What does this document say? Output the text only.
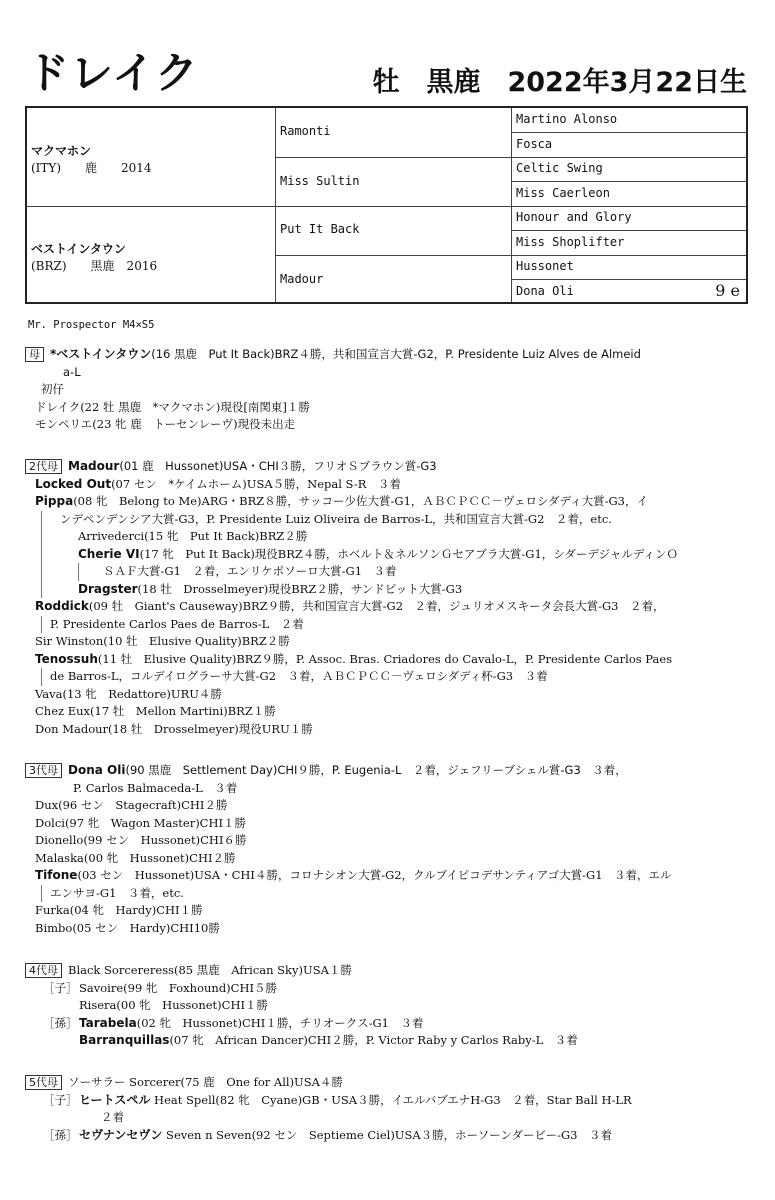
ドレイク	牡　黒鹿　2022年3月22日生
マクマホン
(ITY)　　鹿　　2014
ベストインタウン
(BRZ)　　黒鹿　2016
Ramonti
Miss Sultin
Put It Back
Madour
Martino Alonso
Fosca
Celtic Swing
Miss Caerleon
Honour and Glory
Miss Shoplifter
Hussonet
Dona Oli	9 e
Mr. Prospector M4×S5
母 *ベストインタウン(16 黒鹿　Put It Back)BRZ４勝，共和国宣言大賞-G2，P. Presidente Luiz Alves de Almeid
a-L
初仔
ドレイク(22 牡 黒鹿　*マクマホン)現役[南関東]１勝
モンペリエ(23 牝 鹿　トーセンレーヴ)現役未出走
2代母 Madour(01 鹿　Hussonet)USA・CHI３勝，フリオＳブラウン賞-G3
Locked Out(07 セン　*ケイムホーム)USA５勝，Nepal S-R　３着
Pippa(08 牝　Belong to Me)ARG・BRZ８勝，サッコー少佐大賞-G1，ＡＢＣＰＣＣ－ヴェロシダディ大賞-G3，イ
ンデペンデンシア大賞-G3，P. Presidente Luiz Oliveira de Barros-L，共和国宣言大賞-G2　２着，etc.
Arrivederci(15 牝　Put It Back)BRZ２勝
Cherie VI(17 牝　Put It Back)現役BRZ４勝，ホベルト＆ネルソンＧセアブラ大賞-G1，シダーデジャルディンＯ
ＳＡＦ大賞-G1　２着，エンリケポソーロ大賞-G1　３着
Dragster(18 牡　Drosselmeyer)現役BRZ２勝，サンドピット大賞-G3
Roddick(09 牡　Giant's Causeway)BRZ９勝，共和国宣言大賞-G2　２着，ジュリオメスキータ会長大賞-G3　２着，
P. Presidente Carlos Paes de Barros-L　２着
Sir Winston(10 牡　Elusive Quality)BRZ２勝
Tenossuh(11 牡　Elusive Quality)BRZ９勝，P. Assoc. Bras. Criadores do Cavalo-L，P. Presidente Carlos Paes
de Barros-L，コルデイログラーサ大賞-G2　３着，ＡＢＣＰＣＣ－ヴェロシダディ杯-G3　３着
Vava(13 牝　Redattore)URU４勝
Chez Eux(17 牡　Mellon Martini)BRZ１勝
Don Madour(18 牡　Drosselmeyer)現役URU１勝
3代母 Dona Oli(90 黒鹿　Settlement Day)CHI９勝，P. Eugenia-L　２着，ジェフリーブシェル賞-G3　３着，
P. Carlos Balmaceda-L　３着
Dux(96 セン　Stagecraft)CHI２勝
Dolci(97 牝　Wagon Master)CHI１勝
Dionello(99 セン　Hussonet)CHI６勝
Malaska(00 牝　Hussonet)CHI２勝
Tifone(03 セン　Hussonet)USA・CHI４勝，コロナシオン大賞-G2，クルブイピコデサンティアゴ大賞-G1　３着，エル
エンサヨ-G1　３着，etc.
Furka(04 牝　Hardy)CHI１勝
Bimbo(05 セン　Hardy)CHI10勝
4代母 Black Sorcereress(85 黒鹿　African Sky)USA１勝
［子］ Savoire(99 牝　Foxhound)CHI５勝
Risera(00 牝　Hussonet)CHI１勝
［孫］ Tarabela(02 牝　Hussonet)CHI１勝，チリオークス-G1　３着
Barranquillas(07 牝　African Dancer)CHI２勝，P. Victor Raby y Carlos Raby-L　３着
5代母 ソーサラー Sorcerer(75 鹿　One for All)USA４勝
［子］ ヒートスペル Heat Spell(82 牝　Cyane)GB・USA３勝，イエルバブエナH-G3　２着，Star Ball H-LR
２着
［孫］ セヴナンセヴン Seven n Seven(92 セン　Septieme Ciel)USA３勝，ホーソーンダービー-G3　３着
